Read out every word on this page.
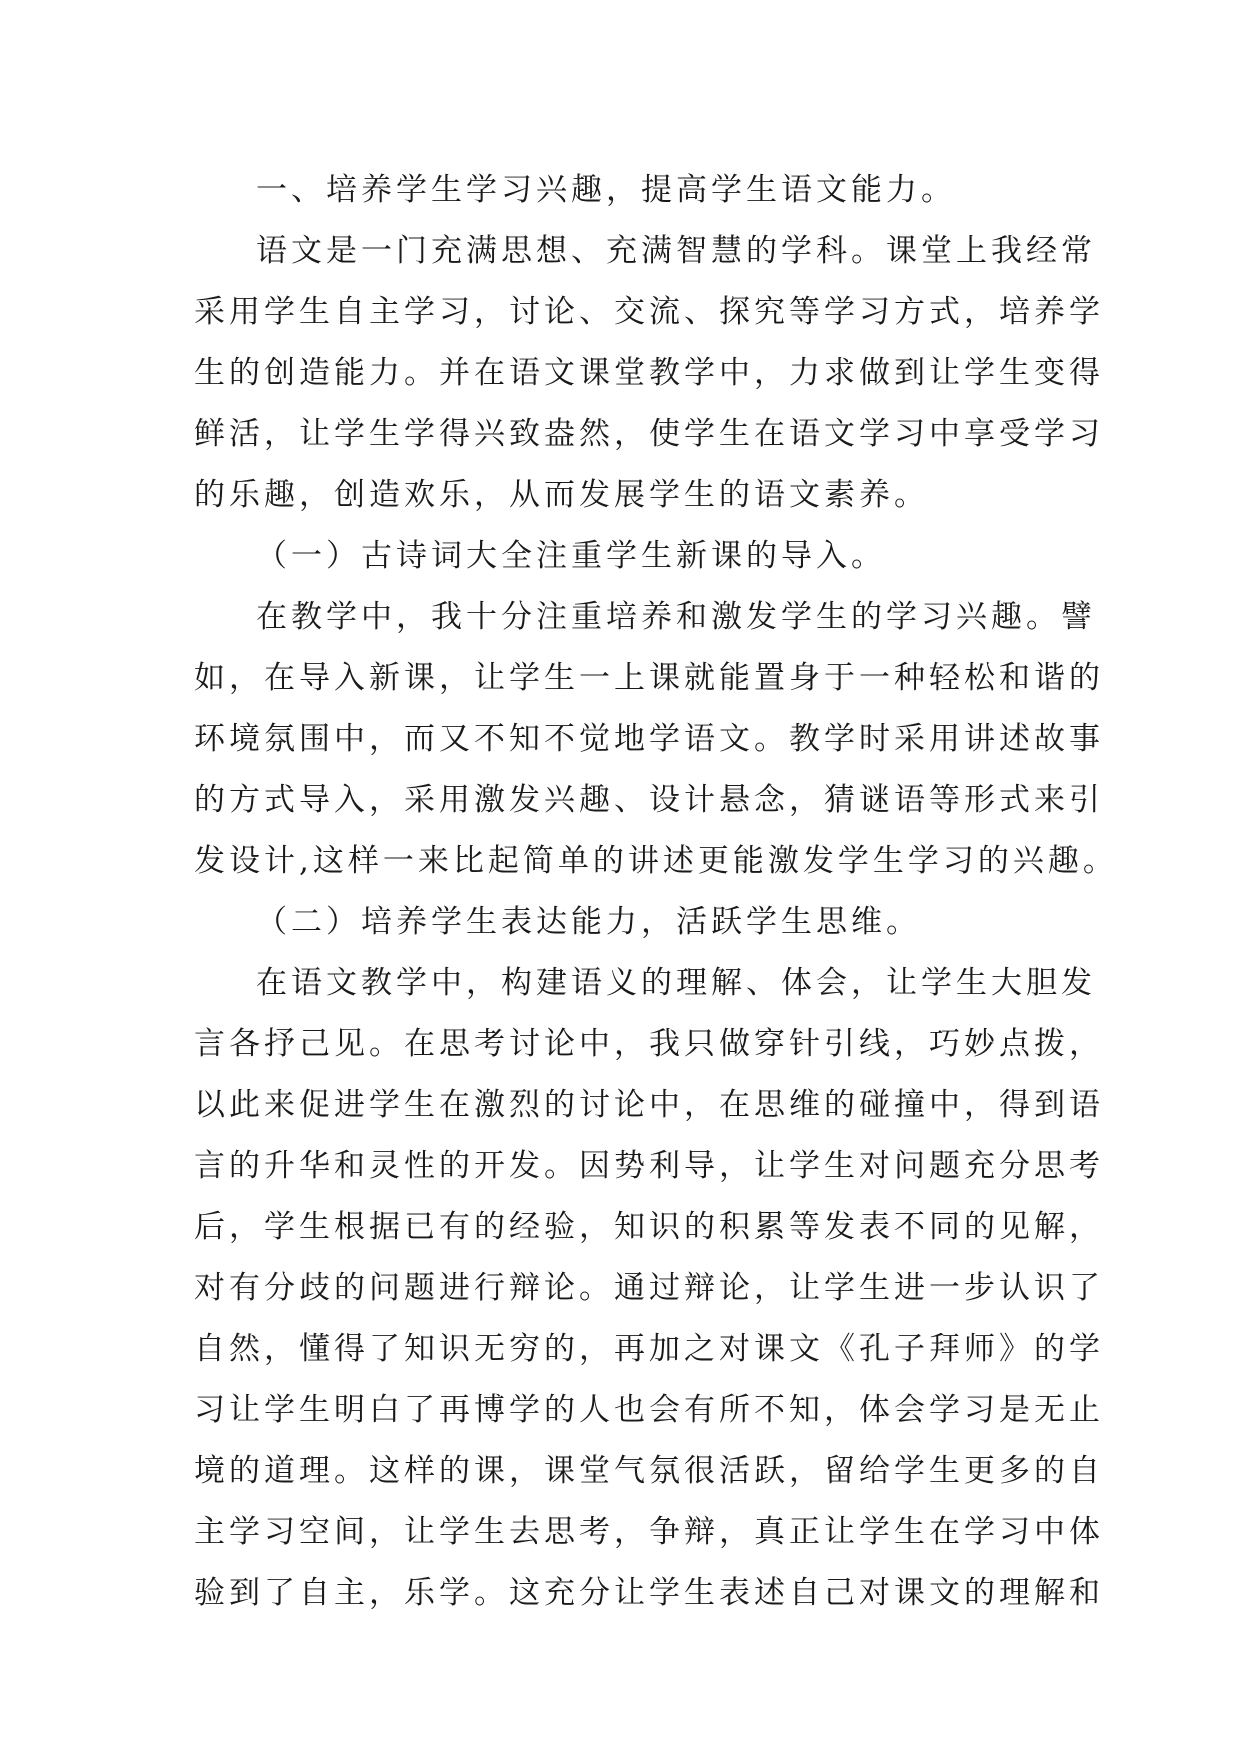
一、培养学生学习兴趣，提高学生语文能力。
语文是一门充满思想、充满智慧的学科。课堂上我经常
采用学生自主学习，讨论、交流、探究等学习方式，培养学
生的创造能力。并在语文课堂教学中，力求做到让学生变得
鲜活，让学生学得兴致盎然，使学生在语文学习中享受学习
的乐趣，创造欢乐，从而发展学生的语文素养。
（一）古诗词大全注重学生新课的导入。
在教学中，我十分注重培养和激发学生的学习兴趣。譬
如，在导入新课，让学生一上课就能置身于一种轻松和谐的
环境氛围中，而又不知不觉地学语文。教学时采用讲述故事
的方式导入，采用激发兴趣、设计悬念，猜谜语等形式来引
发设计,这样一来比起简单的讲述更能激发学生学习的兴趣。
（二）培养学生表达能力，活跃学生思维。
在语文教学中，构建语义的理解、体会，让学生大胆发
言各抒己见。在思考讨论中，我只做穿针引线，巧妙点拨，
以此来促进学生在激烈的讨论中，在思维的碰撞中，得到语
言的升华和灵性的开发。因势利导，让学生对问题充分思考
后，学生根据已有的经验，知识的积累等发表不同的见解，
对有分歧的问题进行辩论。通过辩论，让学生进一步认识了
自然，懂得了知识无穷的，再加之对课文《孔子拜师》的学
习让学生明白了再博学的人也会有所不知，体会学习是无止
境的道理。这样的课，课堂气氛很活跃，留给学生更多的自
主学习空间，让学生去思考，争辩，真正让学生在学习中体
验到了自主，乐学。这充分让学生表述自己对课文的理解和
